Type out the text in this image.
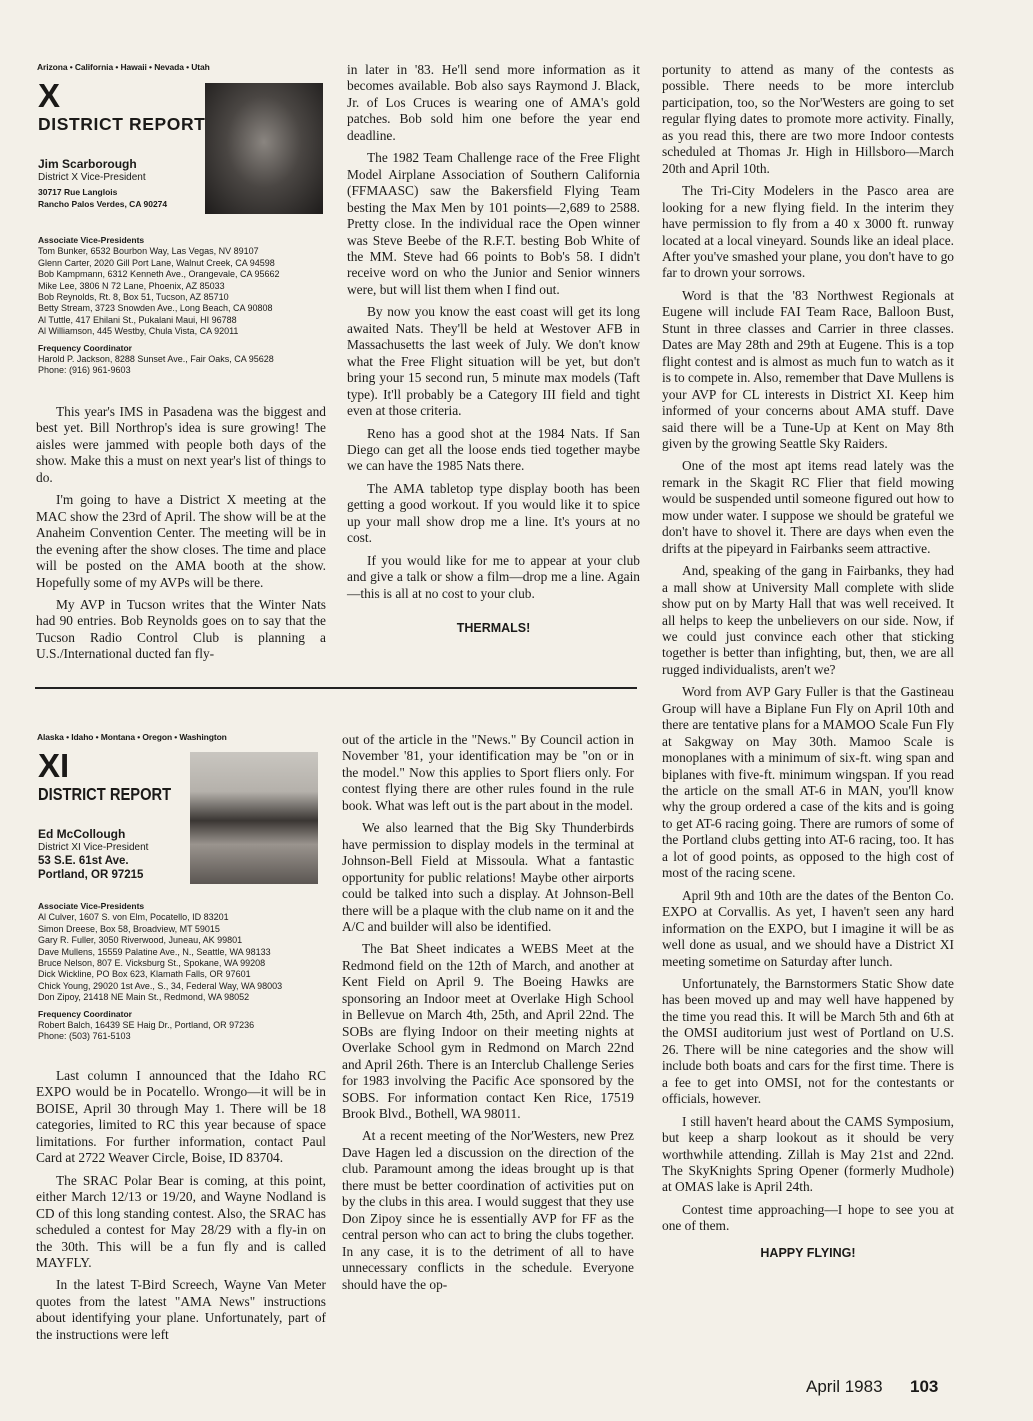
Arizona • California • Hawaii • Nevada • Utah
X
DISTRICT REPORT
Jim Scarborough
District X Vice-President
30717 Rue Langlois
Rancho Palos Verdes, CA 90274
Associate Vice-Presidents
Tom Bunker, 6532 Bourbon Way, Las Vegas, NV 89107
Glenn Carter, 2020 Gill Port Lane, Walnut Creek, CA 94598
Bob Kampmann, 6312 Kenneth Ave., Orangevale, CA 95662
Mike Lee, 3806 N 72 Lane, Phoenix, AZ 85033
Bob Reynolds, Rt. 8, Box 51, Tucson, AZ 85710
Betty Stream, 3723 Snowden Ave., Long Beach, CA 90808
Al Tuttle, 417 Ehilani St., Pukalani Maui, HI 96788
Al Williamson, 445 Westby, Chula Vista, CA 92011
Frequency Coordinator
Harold P. Jackson, 8288 Sunset Ave., Fair Oaks, CA 95628
Phone: (916) 961-9603

This year's IMS in Pasadena was the biggest and best yet. Bill Northrop's idea is sure growing! The aisles were jammed with people both days of the show. Make this a must on next year's list of things to do.

I'm going to have a District X meeting at the MAC show the 23rd of April. The show will be at the Anaheim Convention Center. The meeting will be in the evening after the show closes. The time and place will be posted on the AMA booth at the show. Hopefully some of my AVPs will be there.

My AVP in Tucson writes that the Winter Nats had 90 entries. Bob Reynolds goes on to say that the Tucson Radio Control Club is planning a U.S./International ducted fan fly-

in later in '83. He'll send more information as it becomes available. Bob also says Raymond J. Black, Jr. of Los Cruces is wearing one of AMA's gold patches. Bob sold him one before the year end deadline.

The 1982 Team Challenge race of the Free Flight Model Airplane Association of Southern California (FFMAASC) saw the Bakersfield Flying Team besting the Max Men by 101 points—2,689 to 2588. Pretty close. In the individual race the Open winner was Steve Beebe of the R.F.T. besting Bob White of the MM. Steve had 66 points to Bob's 58. I didn't receive word on who the Junior and Senior winners were, but will list them when I find out.

By now you know the east coast will get its long awaited Nats. They'll be held at Westover AFB in Massachusetts the last week of July. We don't know what the Free Flight situation will be yet, but don't bring your 15 second run, 5 minute max models (Taft type). It'll probably be a Category III field and tight even at those criteria.

Reno has a good shot at the 1984 Nats. If San Diego can get all the loose ends tied together maybe we can have the 1985 Nats there.

The AMA tabletop type display booth has been getting a good workout. If you would like it to spice up your mall show drop me a line. It's yours at no cost.

If you would like for me to appear at your club and give a talk or show a film—drop me a line. Again—this is all at no cost to your club.

THERMALS!

Alaska • Idaho • Montana • Oregon • Washington
XI
DISTRICT REPORT
Ed McCollough
District XI Vice-President
53 S.E. 61st Ave.
Portland, OR 97215
Associate Vice-Presidents
Al Culver, 1607 S. von Elm, Pocatello, ID 83201
Simon Dreese, Box 58, Broadview, MT 59015
Gary R. Fuller, 3050 Riverwood, Juneau, AK 99801
Dave Mullens, 15559 Palatine Ave., N., Seattle, WA 98133
Bruce Nelson, 807 E. Vicksburg St., Spokane, WA 99208
Dick Wickline, PO Box 623, Klamath Falls, OR 97601
Chick Young, 29020 1st Ave., S., 34, Federal Way, WA 98003
Don Zipoy, 21418 NE Main St., Redmond, WA 98052
Frequency Coordinator
Robert Balch, 16439 SE Haig Dr., Portland, OR 97236
Phone: (503) 761-5103

Last column I announced that the Idaho RC EXPO would be in Pocatello. Wrongo—it will be in BOISE, April 30 through May 1. There will be 18 categories, limited to RC this year because of space limitations. For further information, contact Paul Card at 2722 Weaver Circle, Boise, ID 83704.

The SRAC Polar Bear is coming, at this point, either March 12/13 or 19/20, and Wayne Nodland is CD of this long standing contest. Also, the SRAC has scheduled a contest for May 28/29 with a fly-in on the 30th. This will be a fun fly and is called MAYFLY.

In the latest T-Bird Screech, Wayne Van Meter quotes from the latest "AMA News" instructions about identifying your plane. Unfortunately, part of the instructions were left

out of the article in the "News." By Council action in November '81, your identification may be "on or in the model." Now this applies to Sport fliers only. For contest flying there are other rules found in the rule book. What was left out is the part about in the model.

We also learned that the Big Sky Thunderbirds have permission to display models in the terminal at Johnson-Bell Field at Missoula. What a fantastic opportunity for public relations! Maybe other airports could be talked into such a display. At Johnson-Bell there will be a plaque with the club name on it and the A/C and builder will also be identified.

The Bat Sheet indicates a WEBS Meet at the Redmond field on the 12th of March, and another at Kent Field on April 9. The Boeing Hawks are sponsoring an Indoor meet at Overlake High School in Bellevue on March 4th, 25th, and April 22nd. The SOBs are flying Indoor on their meeting nights at Overlake School gym in Redmond on March 22nd and April 26th. There is an Interclub Challenge Series for 1983 involving the Pacific Ace sponsored by the SOBS. For information contact Ken Rice, 17519 Brook Blvd., Bothell, WA 98011.

At a recent meeting of the Nor'Westers, new Prez Dave Hagen led a discussion on the direction of the club. Paramount among the ideas brought up is that there must be better coordination of activities put on by the clubs in this area. I would suggest that they use Don Zipoy since he is essentially AVP for FF as the central person who can act to bring the clubs together. In any case, it is to the detriment of all to have unnecessary conflicts in the schedule. Everyone should have the op-

portunity to attend as many of the contests as possible. There needs to be more interclub participation, too, so the Nor'Westers are going to set regular flying dates to promote more activity. Finally, as you read this, there are two more Indoor contests scheduled at Thomas Jr. High in Hillsboro—March 20th and April 10th.

The Tri-City Modelers in the Pasco area are looking for a new flying field. In the interim they have permission to fly from a 40 x 3000 ft. runway located at a local vineyard. Sounds like an ideal place. After you've smashed your plane, you don't have to go far to drown your sorrows.

Word is that the '83 Northwest Regionals at Eugene will include FAI Team Race, Balloon Bust, Stunt in three classes and Carrier in three classes. Dates are May 28th and 29th at Eugene. This is a top flight contest and is almost as much fun to watch as it is to compete in. Also, remember that Dave Mullens is your AVP for CL interests in District XI. Keep him informed of your concerns about AMA stuff. Dave said there will be a Tune-Up at Kent on May 8th given by the growing Seattle Sky Raiders.

One of the most apt items read lately was the remark in the Skagit RC Flier that field mowing would be suspended until someone figured out how to mow under water. I suppose we should be grateful we don't have to shovel it. There are days when even the drifts at the pipeyard in Fairbanks seem attractive.

And, speaking of the gang in Fairbanks, they had a mall show at University Mall complete with slide show put on by Marty Hall that was well received. It all helps to keep the unbelievers on our side. Now, if we could just convince each other that sticking together is better than infighting, but, then, we are all rugged individualists, aren't we?

Word from AVP Gary Fuller is that the Gastineau Group will have a Biplane Fun Fly on April 10th and there are tentative plans for a MAMOO Scale Fun Fly at Sakgway on May 30th. Mamoo Scale is monoplanes with a minimum of six-ft. wing span and biplanes with five-ft. minimum wingspan. If you read the article on the small AT-6 in MAN, you'll know why the group ordered a case of the kits and is going to get AT-6 racing going. There are rumors of some of the Portland clubs getting into AT-6 racing, too. It has a lot of good points, as opposed to the high cost of most of the racing scene.

April 9th and 10th are the dates of the Benton Co. EXPO at Corvallis. As yet, I haven't seen any hard information on the EXPO, but I imagine it will be as well done as usual, and we should have a District XI meeting sometime on Saturday after lunch.

Unfortunately, the Barnstormers Static Show date has been moved up and may well have happened by the time you read this. It will be March 5th and 6th at the OMSI auditorium just west of Portland on U.S. 26. There will be nine categories and the show will include both boats and cars for the first time. There is a fee to get into OMSI, not for the contestants or officials, however.

I still haven't heard about the CAMS Symposium, but keep a sharp lookout as it should be very worthwhile attending. Zillah is May 21st and 22nd. The SkyKnights Spring Opener (formerly Mudhole) at OMAS lake is April 24th.

Contest time approaching—I hope to see you at one of them.

HAPPY FLYING!

April 1983 103
